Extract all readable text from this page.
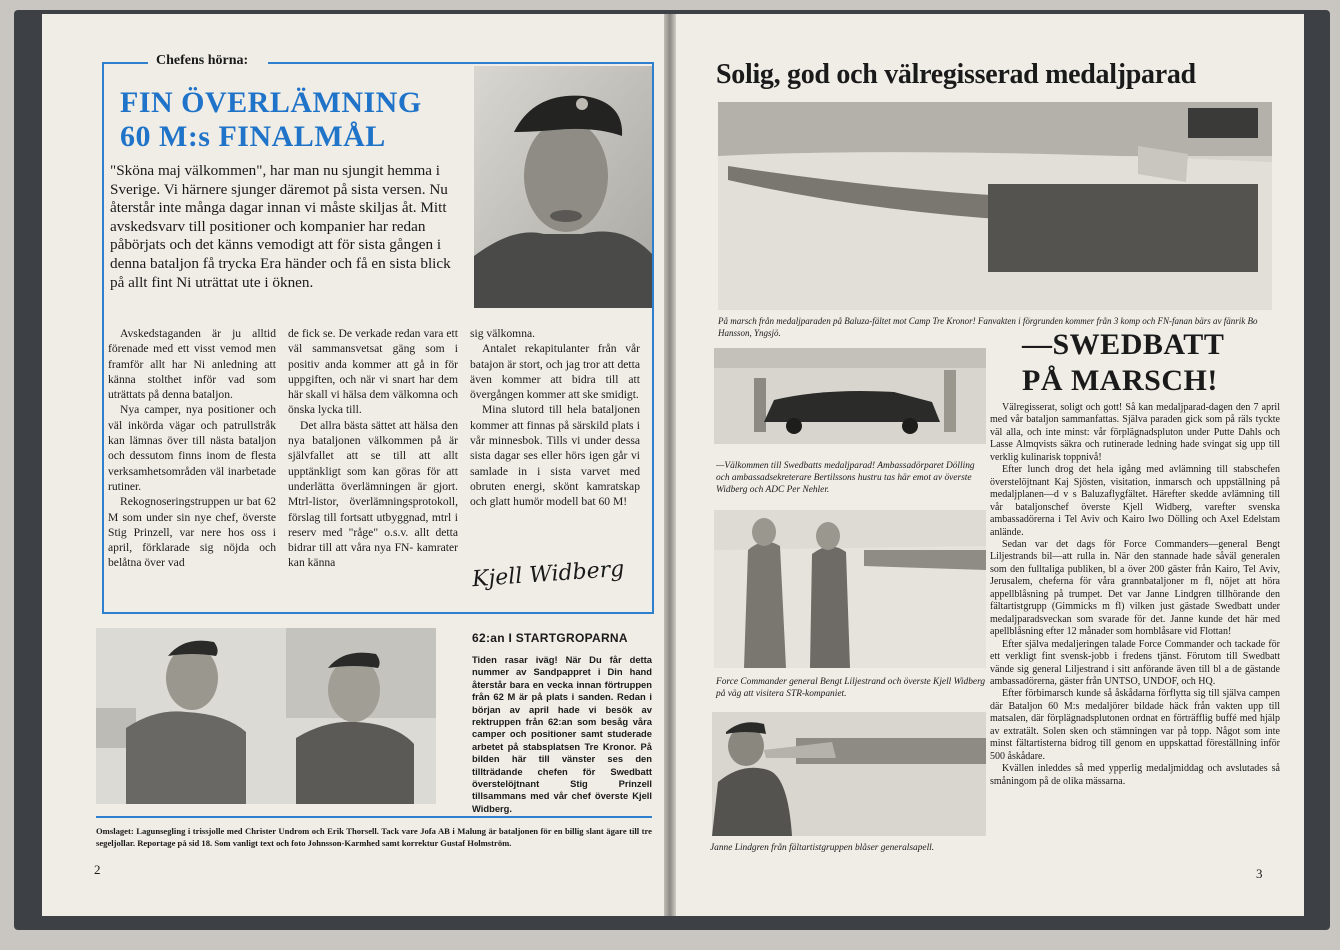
Chefens hörna:
FIN ÖVERLÄMNING
60 M:s FINALMÅL

"Sköna maj välkommen", har man nu sjungit hemma i Sverige. Vi härnere sjunger däremot på sista versen. Nu återstår inte många dagar innan vi måste skiljas åt. Mitt avskedsvarv till positioner och kompanier har redan påbörjats och det känns vemodigt att för sista gången i denna bataljon få trycka Era händer och få en sista blick på allt fint Ni uträttat ute i öknen.

Avskedstaganden är ju alltid förenade med ett visst vemod men framför allt har Ni anledning att känna stolthet inför vad som uträttats på denna bataljon.

Nya camper, nya positioner och väl inkörda vägar och patrullstråk kan lämnas över till nästa bataljon och dessutom finns inom de flesta verksamhetsområden väl inarbetade rutiner.

Rekognoseringstruppen ur bat 62 M som under sin nye chef, överste Stig Prinzell, var nere hos oss i april, förklarade sig nöjda och belåtna över vad

de fick se. De verkade redan vara ett väl sammansvetsat gäng som i positiv anda kommer att gå in för uppgiften, och när vi snart har dem här skall vi hälsa dem välkomna och önska lycka till.

Det allra bästa sättet att hälsa den nya bataljonen välkommen på är självfallet att se till att allt upptänkligt som kan göras för att underlätta överlämningen är gjort. Mtrl-listor, överlämningsprotokoll, förslag till fortsatt utbyggnad, mtrl i reserv med "råge" o.s.v. allt detta bidrar till att våra nya FN- kamrater kan känna

sig välkomna.

Antalet rekapitulanter från vår batajon är stort, och jag tror att detta även kommer att bidra till att övergången kommer att ske smidigt.

Mina slutord till hela bataljonen kommer att finnas på särskild plats i vår minnesbok. Tills vi under dessa sista dagar ses eller hörs igen går vi samlade in i sista varvet med obruten energi, skönt kamratskap och glatt humör modell bat 60 M!

Kjell Widberg
62:an I STARTGROPARNA
Tiden rasar iväg! När Du får detta nummer av Sandpappret i Din hand återstår bara en vecka innan förtruppen från 62 M är på plats i sanden. Redan i början av april hade vi besök av rektruppen från 62:an som besåg våra camper och positioner samt studerade arbetet på stabsplatsen Tre Kronor. På bilden här till vänster ses den tillträdande chefen för Swedbatt överstelöjtnant Stig Prinzell tillsammans med vår chef överste Kjell Widberg.
Omslaget: Lagunsegling i trissjolle med Christer Undrom och Erik Thorsell. Tack vare Jofa AB i Malung är bataljonen för en billig slant ägare till tre segeljollar. Reportage på sid 18. Som vanligt text och foto Johnsson-Karmhed samt korrektur Gustaf Holmström.
2
Solig, god och välregisserad medaljparad
På marsch från medaljparaden på Baluza-fältet mot Camp Tre Kronor! Fanvakten i förgrunden kommer från 3 komp och FN-fanan bärs av fänrik Bo Hansson, Yngsjö.	—SWEDBATT
PÅ MARSCH!
—Välkommen till Swedbatts medaljparad! Ambassadörparet Dölling och ambassadsekreterare Bertilssons hustru tas här emot av överste Widberg och ADC Per Nehler.
Force Commander general Bengt Liljestrand och överste Kjell Widberg på väg att visitera STR-kompaniet.
Janne Lindgren från fältartistgruppen blåser generalsapell.

Välregisserat, soligt och gott! Så kan medaljparad-dagen den 7 april med vår bataljon sammanfattas. Själva paraden gick som på räls tyckte väl alla, och inte minst: vår förplägnadspluton under Putte Dahls och Lasse Almqvists säkra och rutinerade ledning hade svingat sig upp till verklig kulinarisk toppnivå!

Efter lunch drog det hela igång med avlämning till stabschefen överstelöjtnant Kaj Sjösten, visitation, inmarsch och uppställning på medaljplanen—d v s Baluzaflygfältet. Härefter skedde avlämning till vår bataljonschef överste Kjell Widberg, varefter svenska ambassadörerna i Tel Aviv och Kairo Iwo Dölling och Axel Edelstam anlände.

Sedan var det dags för Force Commanders—general Bengt Liljestrands bil—att rulla in. När den stannade hade såväl generalen som den fulltaliga publiken, bl a över 200 gäster från Kairo, Tel Aviv, Jerusalem, cheferna för våra grannbataljoner m fl, nöjet att höra appellblåsning på trumpet. Det var Janne Lindgren tillhörande den fältartistgrupp (Gimmicks m fl) vilken just gästade Swedbatt under medaljparadsveckan som svarade för det. Janne kunde det här med apellblåsning efter 12 månader som hornblåsare vid Flottan!

Efter själva medaljeringen talade Force Commander och tackade för ett verkligt fint svensk-jobb i fredens tjänst. Förutom till Swedbatt vände sig general Liljestrand i sitt anförande även till bl a de gästande ambassadörerna, gäster från UNTSO, UNDOF, och HQ.

Efter förbimarsch kunde så åskådarna förflytta sig till själva campen där Bataljon 60 M:s medaljörer bildade häck från vakten upp till matsalen, där förplägnadsplutonen ordnat en förträfflig buffé med hjälp av extratält. Solen sken och stämningen var på topp. Något som inte minst fältartisterna bidrog till genom en uppskattad föreställning inför 500 åskådare.

Kvällen inleddes så med ypperlig medaljmiddag och avslutades så småningom på de olika mässarna.

3
